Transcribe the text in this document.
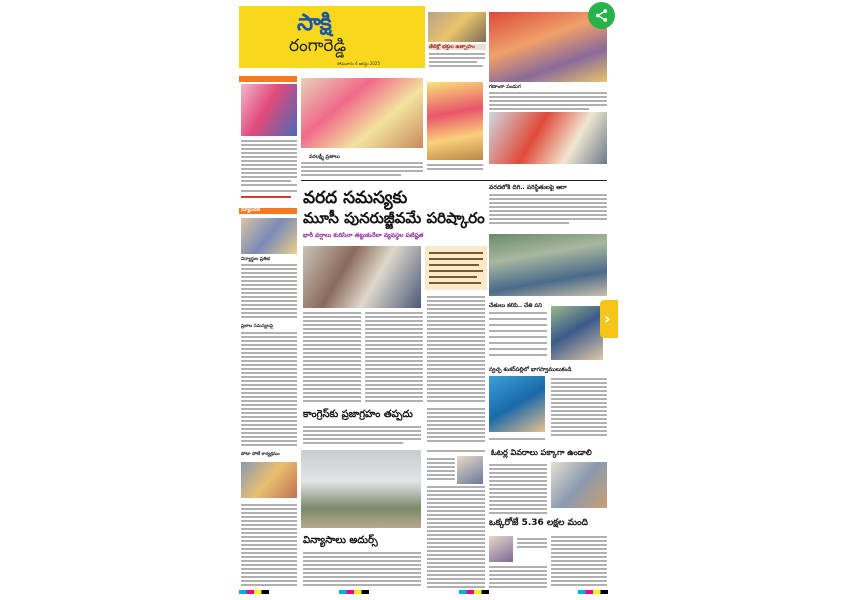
సాక్షి
రంగారెడ్డి
సోమవారం 4 ఆగస్టు 2025
తేలిక్లో భక్తుల ఉత్సాహం
వరలక్ష్మీ వ్రతాలు
గణాంకా పండుగ
వరద సమస్యకు
మూసీ పునరుజ్జీవమే పరిష్కారం
భారీ వర్షాలు కురిసినా తట్టుకునేలా వ్యవస్థల పటిష్టత
న్యూస్‌రీల్
విద్యార్థుల ప్రతిభ
ప్రజాల సమస్యలపై
పోటా పోటీ కార్యక్రమం
వరదలోకి దిగి.. పరిస్థితులపై ఆరా
చేతులు కలిపి.. చేతి పని
స్వచ్ఛ శంకర్‌పల్లిలో భాగస్వాములుకండి
కాంగ్రెస్‌కు ప్రజాగ్రహం తప్పదు
విన్యాసాలు అదుర్స్
ఓటర్ల వివరాలు పక్కాగా ఉండాలి
ఒక్కరోజే 5.36 లక్షల మంది
›
